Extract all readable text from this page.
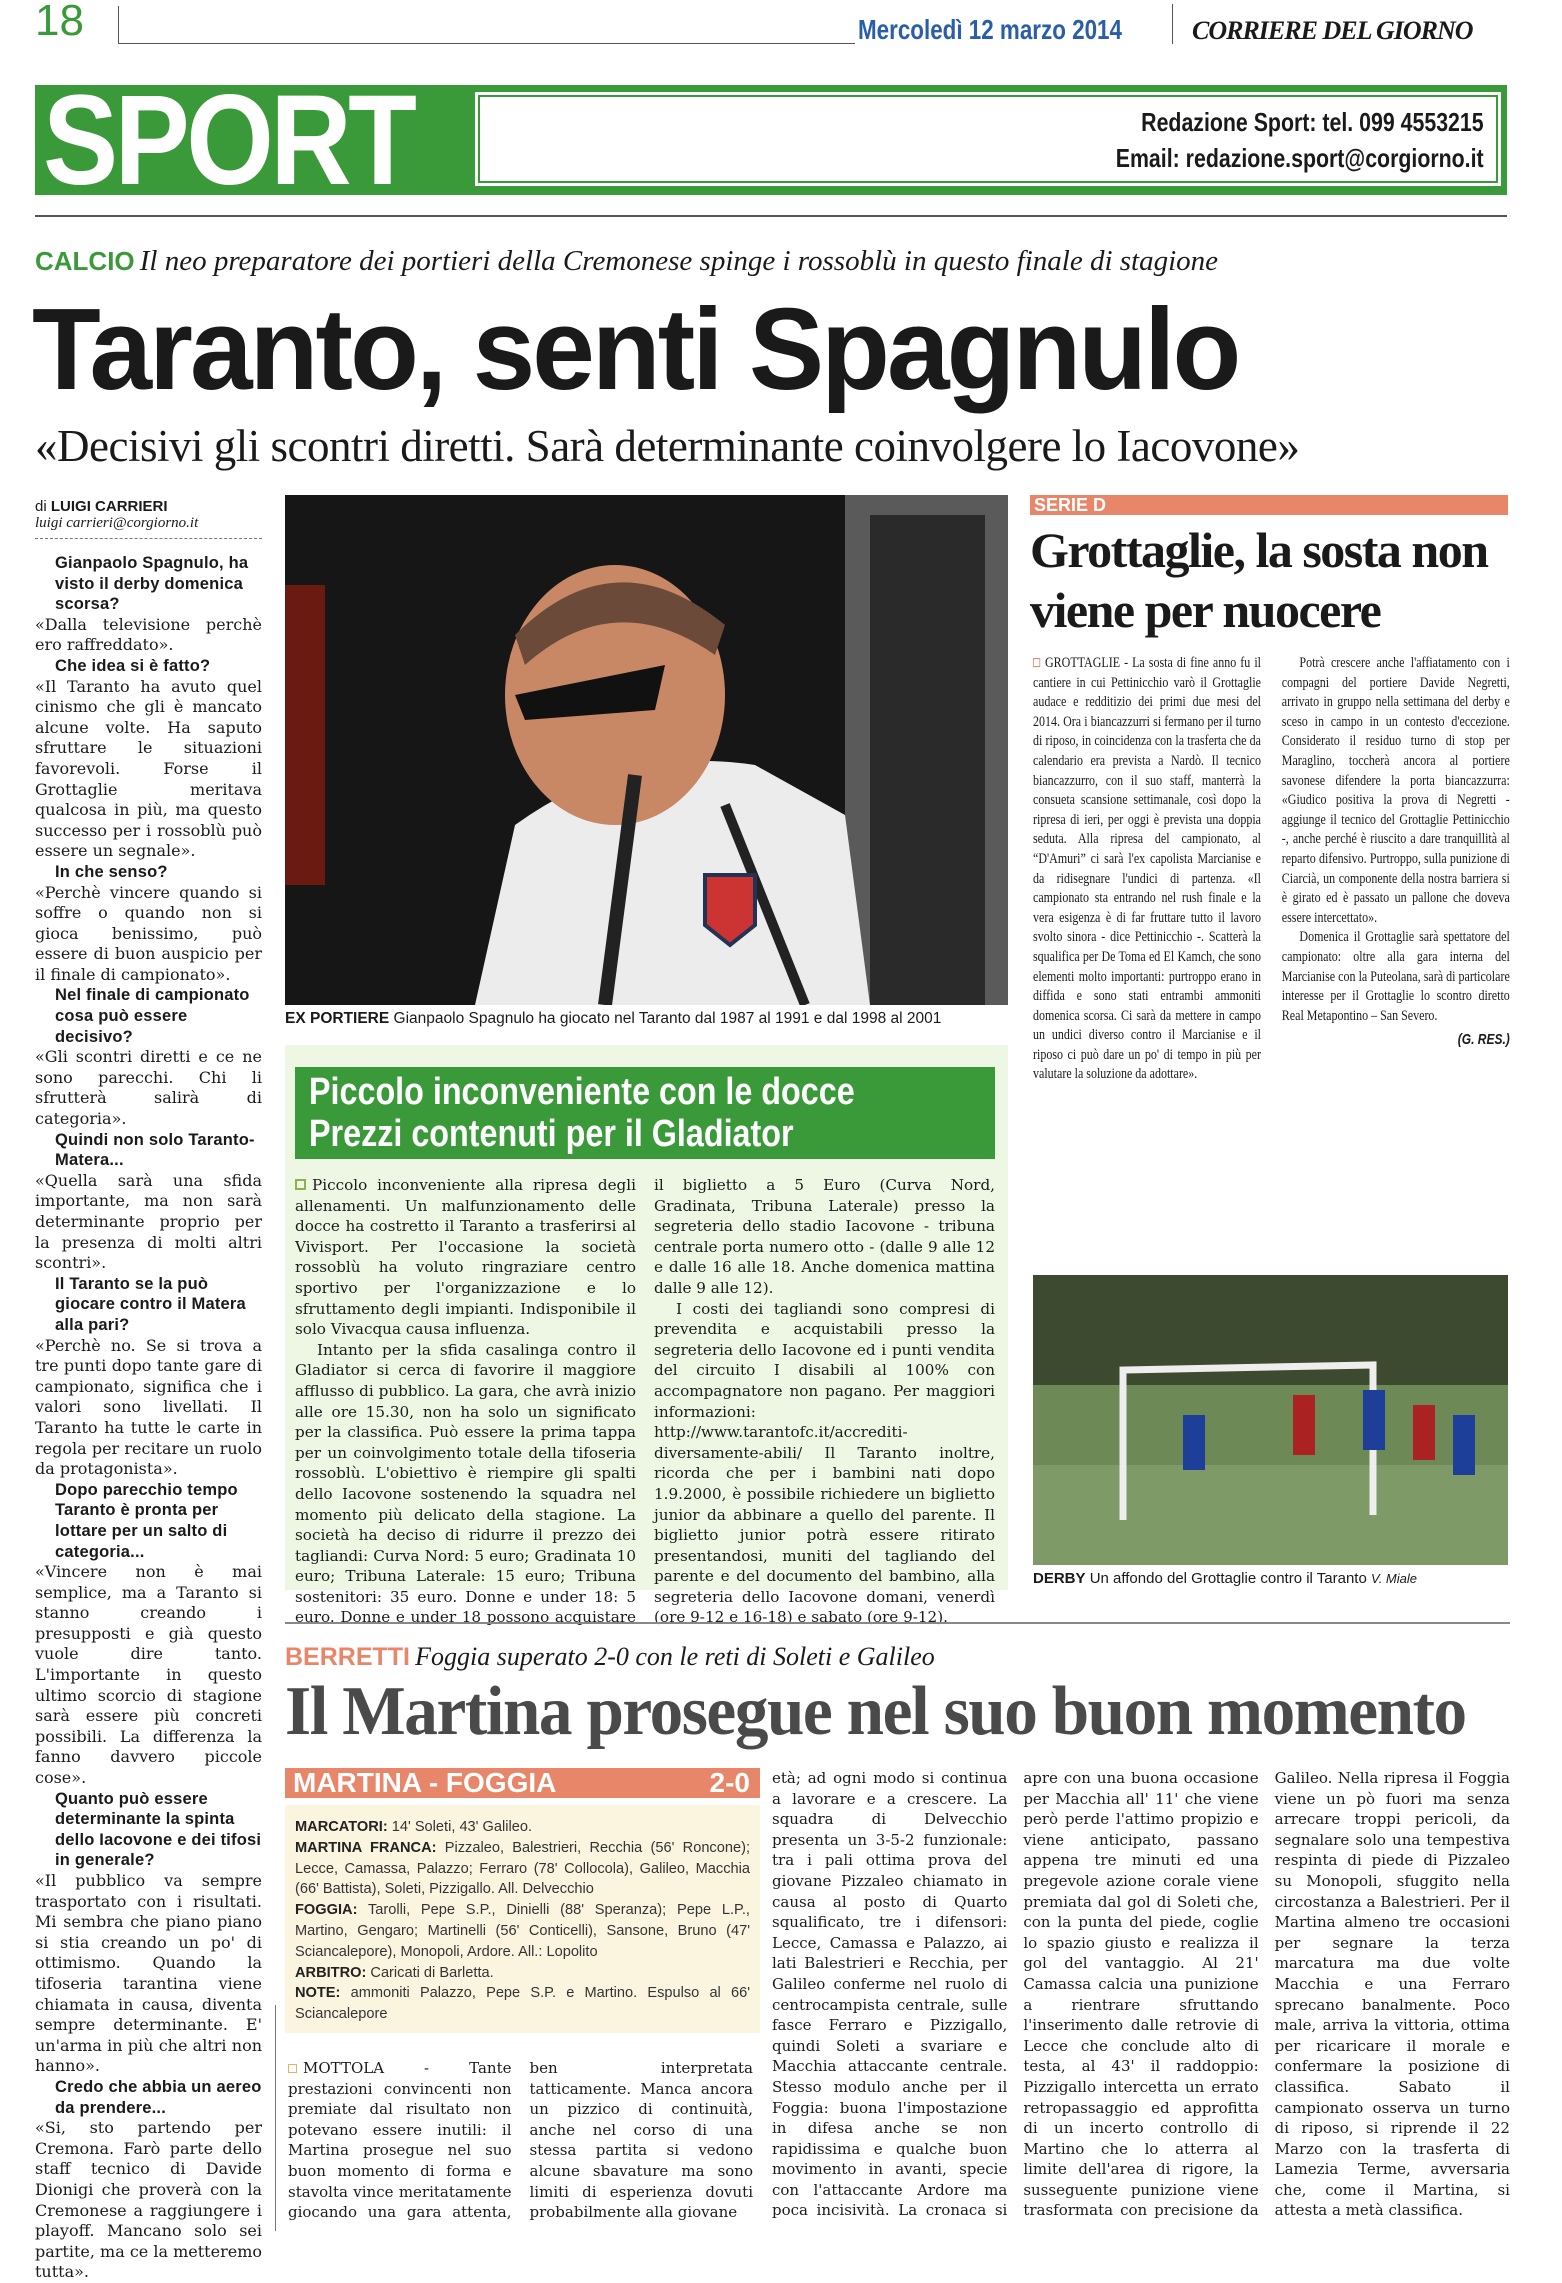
18	Mercoledì 12 marzo 2014	CORRIERE DEL GIORNO
SPORT	Redazione Sport: tel. 099 4553215
Email: redazione.sport@corgiorno.it
CALCIO Il neo preparatore dei portieri della Cremonese spinge i rossoblù in questo finale di stagione
Taranto, senti Spagnulo
«Decisivi gli scontri diretti. Sarà determinante coinvolgere lo Iacovone»
di LUIGI CARRIERI
luigi carrieri@corgiorno.it
Gianpaolo Spagnulo, ha visto il derby domenica scorsa?
«Dalla televisione perchè ero raffreddato».
Che idea si è fatto?
«Il Taranto ha avuto quel cinismo che gli è mancato alcune volte. Ha saputo sfruttare le situazioni favorevoli. Forse il Grottaglie meritava qualcosa in più, ma questo successo per i rossoblù può essere un segnale».
In che senso?
«Perchè vincere quando si soffre o quando non si gioca benissimo, può essere di buon auspicio per il finale di campionato».
Nel finale di campionato cosa può essere decisivo?
«Gli scontri diretti e ce ne sono parecchi. Chi li sfrutterà salirà di categoria».
Quindi non solo Taranto-Matera...
«Quella sarà una sfida importante, ma non sarà determinante proprio per la presenza di molti altri scontri».
Il Taranto se la può giocare contro il Matera alla pari?
«Perchè no. Se si trova a tre punti dopo tante gare di campionato, significa che i valori sono livellati. Il Taranto ha tutte le carte in regola per recitare un ruolo da protagonista».
Dopo parecchio tempo Taranto è pronta per lottare per un salto di categoria...
«Vincere non è mai semplice, ma a Taranto si stanno creando i presupposti e già questo vuole dire tanto. L'importante in questo ultimo scorcio di stagione sarà essere più concreti possibili. La differenza la fanno davvero piccole cose».
Quanto può essere determinante la spinta dello Iacovone e dei tifosi in generale?
«Il pubblico va sempre trasportato con i risultati. Mi sembra che piano piano si stia creando un po' di ottimismo. Quando la tifoseria tarantina viene chiamata in causa, diventa sempre determinante. E' un'arma in più che altri non hanno».
Credo che abbia un aereo da prendere...
«Si, sto partendo per Cremona. Farò parte dello staff tecnico di Davide Dionigi che proverà con la Cremonese a raggiungere i playoff. Mancano solo sei partite, ma ce la metteremo tutta».
EX PORTIERE Gianpaolo Spagnulo ha giocato nel Taranto dal 1987 al 1991 e dal 1998 al 2001
Piccolo inconveniente con le docce
Prezzi contenuti per il Gladiator

Piccolo inconveniente alla ripresa degli allenamenti. Un malfunzionamento delle docce ha costretto il Taranto a trasferirsi al Vivisport. Per l'occasione la società rossoblù ha voluto ringraziare centro sportivo per l'organizzazione e lo sfruttamento degli impianti. Indisponibile il solo Vivacqua causa influenza.

Intanto per la sfida casalinga contro il Gladiator si cerca di favorire il maggiore afflusso di pubblico. La gara, che avrà inizio alle ore 15.30, non ha solo un significato per la classifica. Può essere la prima tappa per un coinvolgimento totale della tifoseria rossoblù. L'obiettivo è riempire gli spalti dello Iacovone sostenendo la squadra nel momento più delicato della stagione. La società ha deciso di ridurre il prezzo dei tagliandi: Curva Nord: 5 euro; Gradinata 10 euro; Tribuna Laterale: 15 euro; Tribuna sostenitori: 35 euro. Donne e under 18: 5 euro. Donne e under 18 possono acquistare il biglietto a 5 Euro (Curva Nord, Gradinata, Tribuna Laterale) presso la segreteria dello stadio Iacovone - tribuna centrale porta numero otto - (dalle 9 alle 12 e dalle 16 alle 18. Anche domenica mattina dalle 9 alle 12).

I costi dei tagliandi sono compresi di prevendita e acquistabili presso la segreteria dello Iacovone ed i punti vendita del circuito I disabili al 100% con accompagnatore non pagano. Per maggiori informazioni: http://www.tarantofc.it/accrediti-diversamente-abili/ Il Taranto inoltre, ricorda che per i bambini nati dopo 1.9.2000, è possibile richiedere un biglietto junior da abbinare a quello del parente. Il biglietto junior potrà essere ritirato presentandosi, muniti del tagliando del parente e del documento del bambino, alla segreteria dello Iacovone domani, venerdì (ore 9-12 e 16-18) e sabato (ore 9-12).

SERIE D
Grottaglie, la sosta non viene per nuocere

GROTTAGLIE - La sosta di fine anno fu il cantiere in cui Pettinicchio varò il Grottaglie audace e redditizio dei primi due mesi del 2014. Ora i biancazzurri si fermano per il turno di riposo, in coincidenza con la trasferta che da calendario era prevista a Nardò. Il tecnico biancazzurro, con il suo staff, manterrà la consueta scansione settimanale, così dopo la ripresa di ieri, per oggi è prevista una doppia seduta. Alla ripresa del campionato, al “D'Amuri” ci sarà l'ex capolista Marcianise e da ridisegnare l'undici di partenza. «Il campionato sta entrando nel rush finale e la vera esigenza è di far fruttare tutto il lavoro svolto sinora - dice Pettinicchio -. Scatterà la squalifica per De Toma ed El Kamch, che sono elementi molto importanti: purtroppo erano in diffida e sono stati entrambi ammoniti domenica scorsa. Ci sarà da mettere in campo un undici diverso contro il Marcianise e il riposo ci può dare un po' di tempo in più per valutare la soluzione da adottare».

Potrà crescere anche l'affiatamento con i compagni del portiere Davide Negretti, arrivato in gruppo nella settimana del derby e sceso in campo in un contesto d'eccezione. Considerato il residuo turno di stop per Maraglino, toccherà ancora al portiere savonese difendere la porta biancazzurra: «Giudico positiva la prova di Negretti - aggiunge il tecnico del Grottaglie Pettinicchio -, anche perché è riuscito a dare tranquillità al reparto difensivo. Purtroppo, sulla punizione di Ciarcià, un componente della nostra barriera si è girato ed è passato un pallone che doveva essere intercettato».

Domenica il Grottaglie sarà spettatore del campionato: oltre alla gara interna del Marcianise con la Puteolana, sarà di particolare interesse per il Grottaglie lo scontro diretto Real Metapontino – San Severo.

(G. RES.)
DERBY Un affondo del Grottaglie contro il Taranto V. Miale
BERRETTI Foggia superato 2-0 con le reti di Soleti e Galileo
Il Martina prosegue nel suo buon momento
MARTINA - FOGGIA	2-0
MARCATORI: 14' Soleti, 43' Galileo.
MARTINA FRANCA: Pizzaleo, Balestrieri, Recchia (56' Roncone); Lecce, Camassa, Palazzo; Ferraro (78' Collocola), Galileo, Macchia (66' Battista), Soleti, Pizzigallo. All. Delvecchio
FOGGIA: Tarolli, Pepe S.P., Dinielli (88' Speranza); Pepe L.P., Martino, Gengaro; Martinelli (56' Conticelli), Sansone, Bruno (47' Sciancalepore), Monopoli, Ardore. All.: Lopolito
ARBITRO: Caricati di Barletta.
NOTE: ammoniti Palazzo, Pepe S.P. e Martino. Espulso al 66' Sciancalepore

MOTTOLA - Tante prestazioni convincenti non premiate dal risultato non potevano essere inutili: il Martina prosegue nel suo buon momento di forma e stavolta vince meritatamente giocando una gara attenta, ben interpretata tatticamente. Manca ancora un pizzico di continuità, anche nel corso di una stessa partita si vedono alcune sbavature ma sono limiti di esperienza dovuti probabilmente alla giovane

età; ad ogni modo si continua a lavorare e a crescere. La squadra di Delvecchio presenta un 3-5-2 funzionale: tra i pali ottima prova del giovane Pizzaleo chiamato in causa al posto di Quarto squalificato, tre i difensori: Lecce, Camassa e Palazzo, ai lati Balestrieri e Recchia, per Galileo conferme nel ruolo di centrocampista centrale, sulle fasce Ferraro e Pizzigallo, quindi Soleti a svariare e Macchia attaccante centrale. Stesso modulo anche per il Foggia: buona l'impostazione in difesa anche se non rapidissima e qualche buon movimento in avanti, specie con l'attaccante Ardore ma poca incisività. La cronaca si apre con una buona occasione per Macchia all' 11' che viene però perde l'attimo propizio e viene anticipato, passano appena tre minuti ed una pregevole azione corale viene premiata dal gol di Soleti che, con la punta del piede, coglie lo spazio giusto e realizza il gol del vantaggio. Al 21' Camassa calcia una punizione a rientrare sfruttando l'inserimento dalle retrovie di Lecce che conclude alto di testa, al 43' il raddoppio: Pizzigallo intercetta un errato retropassaggio ed approfitta di un incerto controllo di Martino che lo atterra al limite dell'area di rigore, la susseguente punizione viene trasformata con precisione da Galileo. Nella ripresa il Foggia viene un pò fuori ma senza arrecare troppi pericoli, da segnalare solo una tempestiva respinta di piede di Pizzaleo su Monopoli, sfuggito nella circostanza a Balestrieri. Per il Martina almeno tre occasioni per segnare la terza marcatura ma due volte Macchia e una Ferraro sprecano banalmente. Poco male, arriva la vittoria, ottima per ricaricare il morale e confermare la posizione di classifica. Sabato il campionato osserva un turno di riposo, si riprende il 22 Marzo con la trasferta di Lamezia Terme, avversaria che, come il Martina, si attesta a metà classifica.
